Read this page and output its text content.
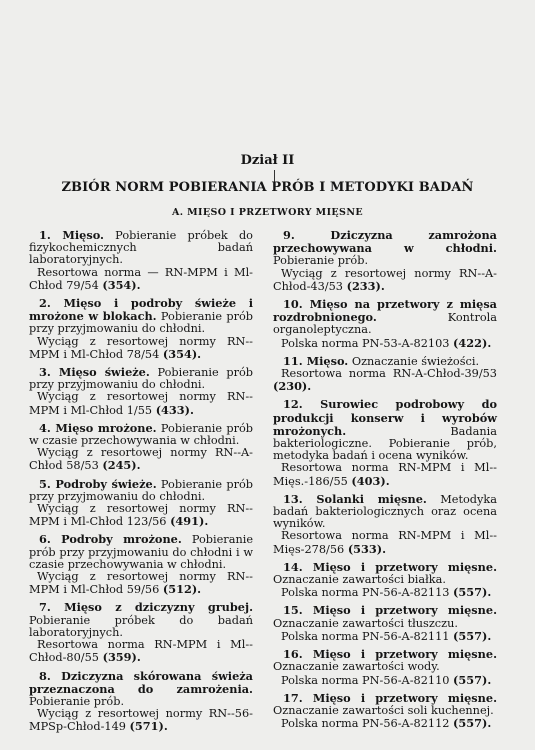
Dział II
ZBIÓR NORM POBIERANIA PRÓB I METODYKI BADAŃ
A. MIĘSO I PRZETWORY MIĘSNE

1. Mięso. Pobieranie próbek do fizykochemicznych badań laboratoryjnych.

Resortowa norma — RN-MPM i Ml-Chłod 79/54 (354).

2. Mięso i podroby świeże i mrożone w blokach. Pobieranie prób przy przyjmowaniu do chłodni.

Wyciąg z resortowej normy RN--MPM i Ml-Chłod 78/54 (354).

3. Mięso świeże. Pobieranie prób przy przyjmowaniu do chłodni.

Wyciąg z resortowej normy RN--MPM i Ml-Chłod 1/55 (433).

4. Mięso mrożone. Pobieranie prób w czasie przechowywania w chłodni.

Wyciąg z resortowej normy RN--A-Chłod 58/53 (245).

5. Podroby świeże. Pobieranie prób przy przyjmowaniu do chłodni.

Wyciąg z resortowej normy RN--MPM i Ml-Chłod 123/56 (491).

6. Podroby mrożone. Pobieranie prób przy przyjmowaniu do chłodni i w czasie przechowywania w chłodni.

Wyciąg z resortowej normy RN--MPM i Ml-Chłod 59/56 (512).

7. Mięso z dziczyzny grubej. Pobieranie próbek do badań laboratoryjnych.

Resortowa norma RN-MPM i Ml--Chłod-80/55 (359).

8. Dziczyzna skórowana świeża przeznaczona do zamrożenia. Pobieranie prób.

Wyciąg z resortowej normy RN--56-MPSp-Chłod-149 (571).

9.	Dziczyzna zamrożona przechowywana w chłodni. Pobieranie prób.

Wyciąg z resortowej normy RN--A-Chłod-43/53 (233).

10. Mięso na przetwory z mięsa rozdrobnionego.	Kontrola organoleptyczna.

Polska norma PN-53-A-82103 (422).

11. Mięso. Oznaczanie świeżości.

Resortowa norma RN-A-Chłod-39/53 (230).

12. Surowiec podrobowy do produkcji konserw i wyrobów mrożonych.	Badania bakteriologiczne. Pobieranie prób, metodyka badań i ocena wyników.

Resortowa norma RN-MPM i Ml--Mięs.-186/55 (403).

13. Solanki mięsne. Metodyka badań bakteriologicznych oraz ocena wyników.

Resortowa norma RN-MPM i Ml--Mięs-278/56 (533).

14. Mięso i przetwory mięsne. Oznaczanie zawartości białka.

Polska norma PN-56-A-82113 (557).

15. Mięso i przetwory mięsne. Oznaczanie zawartości tłuszczu.

Polska norma PN-56-A-82111 (557).

16. Mięso i przetwory mięsne. Oznaczanie zawartości wody.

Polska norma PN-56-A-82110 (557).

17. Mięso i przetwory mięsne. Oznaczanie zawartości soli kuchennej.

Polska norma PN-56-A-82112 (557).
